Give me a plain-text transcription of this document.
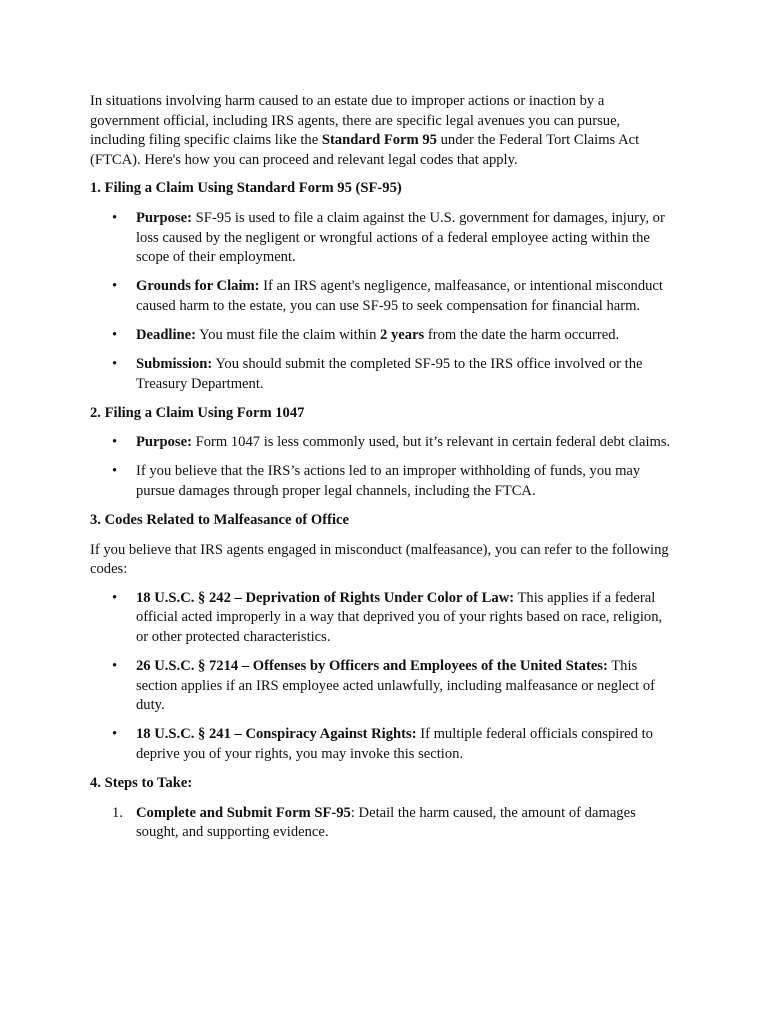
In situations involving harm caused to an estate due to improper actions or inaction by a government official, including IRS agents, there are specific legal avenues you can pursue, including filing specific claims like the Standard Form 95 under the Federal Tort Claims Act (FTCA). Here's how you can proceed and relevant legal codes that apply.

1. Filing a Claim Using Standard Form 95 (SF-95)
• Purpose: SF-95 is used to file a claim against the U.S. government for damages, injury, or loss caused by the negligent or wrongful actions of a federal employee acting within the scope of their employment.
• Grounds for Claim: If an IRS agent's negligence, malfeasance, or intentional misconduct caused harm to the estate, you can use SF-95 to seek compensation for financial harm.
• Deadline: You must file the claim within 2 years from the date the harm occurred.
• Submission: You should submit the completed SF-95 to the IRS office involved or the Treasury Department.
2. Filing a Claim Using Form 1047
• Purpose: Form 1047 is less commonly used, but it’s relevant in certain federal debt claims.
• If you believe that the IRS’s actions led to an improper withholding of funds, you may pursue damages through proper legal channels, including the FTCA.
3. Codes Related to Malfeasance of Office

If you believe that IRS agents engaged in misconduct (malfeasance), you can refer to the following codes:

• 18 U.S.C. § 242 – Deprivation of Rights Under Color of Law: This applies if a federal official acted improperly in a way that deprived you of your rights based on race, religion, or other protected characteristics.
• 26 U.S.C. § 7214 – Offenses by Officers and Employees of the United States: This section applies if an IRS employee acted unlawfully, including malfeasance or neglect of duty.
• 18 U.S.C. § 241 – Conspiracy Against Rights: If multiple federal officials conspired to deprive you of your rights, you may invoke this section.
4. Steps to Take:
1. Complete and Submit Form SF-95: Detail the harm caused, the amount of damages sought, and supporting evidence.
